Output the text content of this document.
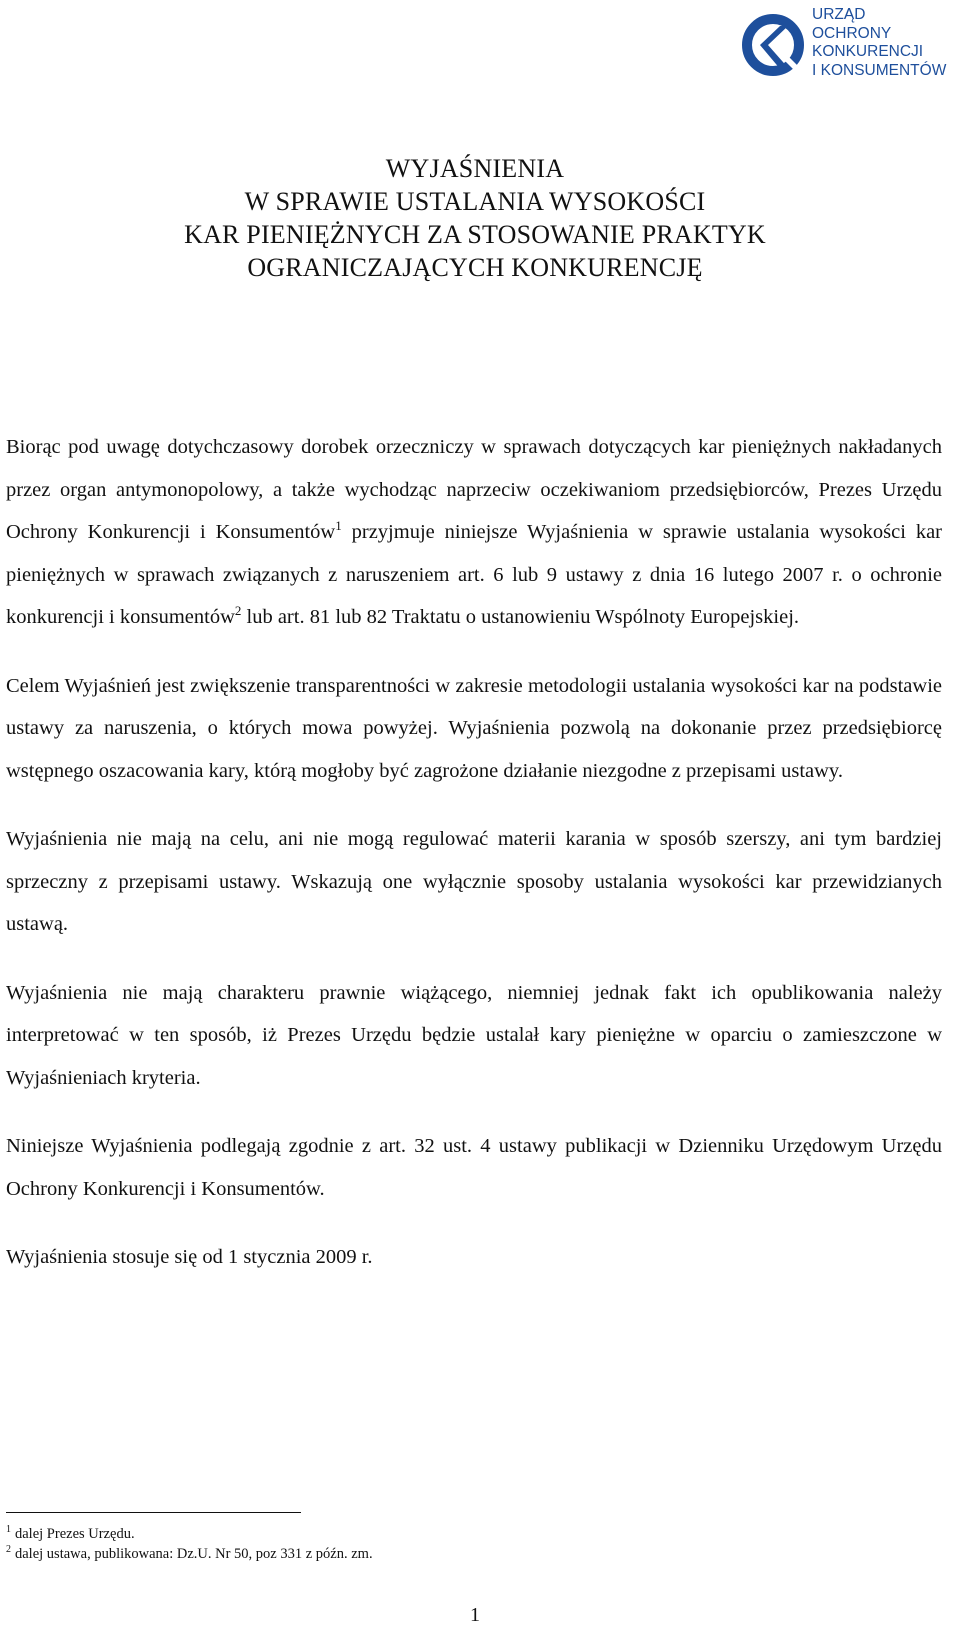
URZĄD
OCHRONY
KONKURENCJI
I KONSUMENTÓW
WYJAŚNIENIA
W SPRAWIE USTALANIA WYSOKOŚCI
KAR PIENIĘŻNYCH ZA STOSOWANIE PRAKTYK
OGRANICZAJĄCYCH KONKURENCJĘ

Biorąc pod uwagę dotychczasowy dorobek orzeczniczy w sprawach dotyczących kar pieniężnych nakładanych przez organ antymonopolowy, a także wychodząc naprzeciw oczekiwaniom przedsiębiorców, Prezes Urzędu Ochrony Konkurencji i Konsumentów$^1$ przyjmuje niniejsze Wyjaśnienia w sprawie ustalania wysokości kar pieniężnych w sprawach związanych z naruszeniem art. 6 lub 9 ustawy z dnia 16 lutego 2007 r. o ochronie konkurencji i konsumentów$^2$ lub art. 81 lub 82 Traktatu o ustanowieniu Wspólnoty Europejskiej.

Celem Wyjaśnień jest zwiększenie transparentności w zakresie metodologii ustalania wysokości kar na podstawie ustawy za naruszenia, o których mowa powyżej. Wyjaśnienia pozwolą na dokonanie przez przedsiębiorcę wstępnego oszacowania kary, którą mogłoby być zagrożone działanie niezgodne z przepisami ustawy.

Wyjaśnienia nie mają na celu, ani nie mogą regulować materii karania w sposób szerszy, ani tym bardziej sprzeczny z przepisami ustawy. Wskazują one wyłącznie sposoby ustalania wysokości kar przewidzianych ustawą.

Wyjaśnienia nie mają charakteru prawnie wiążącego, niemniej jednak fakt ich opublikowania należy interpretować w ten sposób, iż Prezes Urzędu będzie ustalał kary pieniężne w oparciu o zamieszczone w Wyjaśnieniach kryteria.

Niniejsze Wyjaśnienia podlegają zgodnie z art. 32 ust. 4 ustawy publikacji w Dzienniku Urzędowym Urzędu Ochrony Konkurencji i Konsumentów.

Wyjaśnienia stosuje się od 1 stycznia 2009 r.

$^1$ dalej Prezes Urzędu.
$^2$ dalej ustawa, publikowana: Dz.U. Nr 50, poz 331 z późn. zm.
1
